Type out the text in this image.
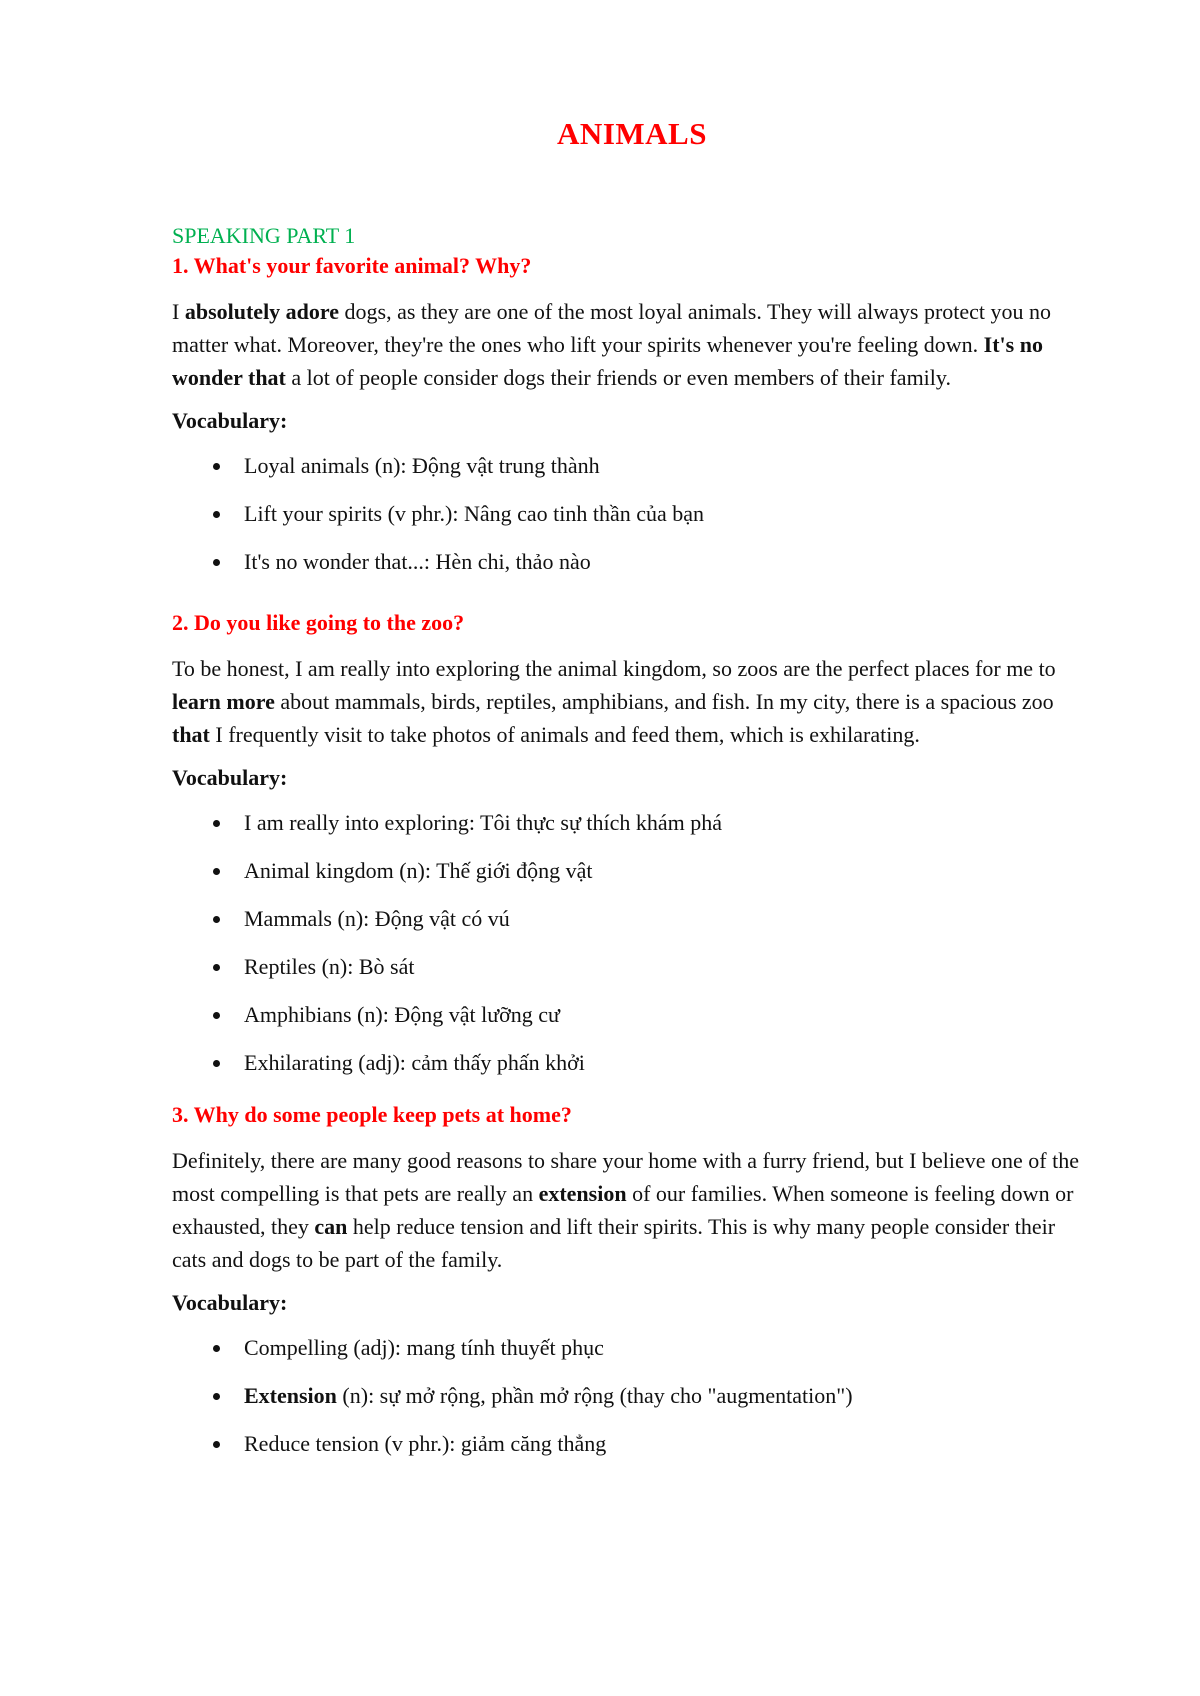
ANIMALS
SPEAKING PART 1

1. What's your favorite animal? Why?

I absolutely adore dogs, as they are one of the most loyal animals. They will always protect you no matter what. Moreover, they're the ones who lift your spirits whenever you're feeling down. It's no wonder that a lot of people consider dogs their friends or even members of their family.

Vocabulary:

Loyal animals (n): Động vật trung thành
Lift your spirits (v phr.): Nâng cao tinh thần của bạn
It's no wonder that...: Hèn chi, thảo nào

2. Do you like going to the zoo?

To be honest, I am really into exploring the animal kingdom, so zoos are the perfect places for me to learn more about mammals, birds, reptiles, amphibians, and fish. In my city, there is a spacious zoo that I frequently visit to take photos of animals and feed them, which is exhilarating.

Vocabulary:

I am really into exploring: Tôi thực sự thích khám phá
Animal kingdom (n): Thế giới động vật
Mammals (n): Động vật có vú
Reptiles (n): Bò sát
Amphibians (n): Động vật lưỡng cư
Exhilarating (adj): cảm thấy phấn khởi

3. Why do some people keep pets at home?

Definitely, there are many good reasons to share your home with a furry friend, but I believe one of the most compelling is that pets are really an extension of our families. When someone is feeling down or exhausted, they can help reduce tension and lift their spirits. This is why many people consider their cats and dogs to be part of the family.

Vocabulary:

Compelling (adj): mang tính thuyết phục
Extension (n): sự mở rộng, phần mở rộng (thay cho "augmentation")
Reduce tension (v phr.): giảm căng thẳng
